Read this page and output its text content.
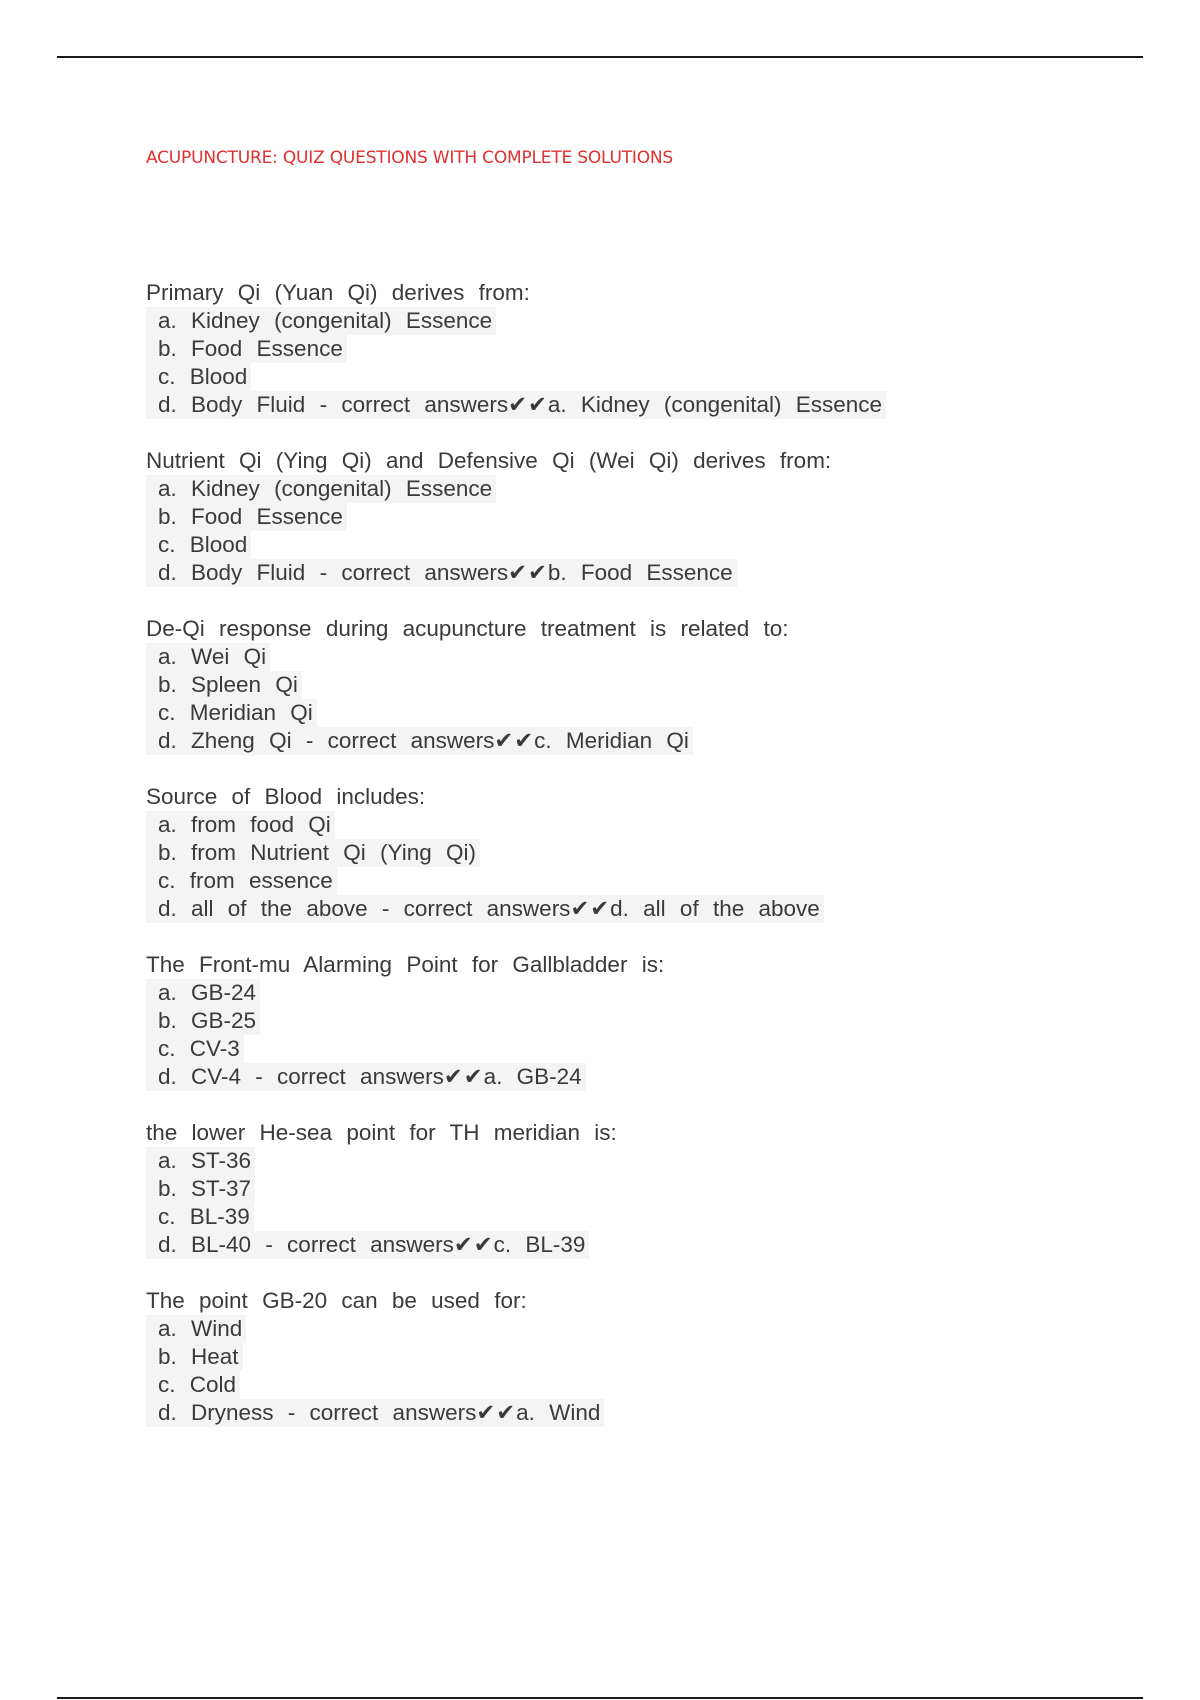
ACUPUNCTURE: QUIZ QUESTIONS WITH COMPLETE SOLUTIONS
Primary Qi (Yuan Qi) derives from:
a. Kidney (congenital) Essence
b. Food Essence
c. Blood
d. Body Fluid - correct answers✔✔a. Kidney (congenital) Essence
Nutrient Qi (Ying Qi) and Defensive Qi (Wei Qi) derives from:
a. Kidney (congenital) Essence
b. Food Essence
c. Blood
d. Body Fluid - correct answers✔✔b. Food Essence
De-Qi response during acupuncture treatment is related to:
a. Wei Qi
b. Spleen Qi
c. Meridian Qi
d. Zheng Qi - correct answers✔✔c. Meridian Qi
Source of Blood includes:
a. from food Qi
b. from Nutrient Qi (Ying Qi)
c. from essence
d. all of the above - correct answers✔✔d. all of the above
The Front-mu Alarming Point for Gallbladder is:
a. GB-24
b. GB-25
c. CV-3
d. CV-4 - correct answers✔✔a. GB-24
the lower He-sea point for TH meridian is:
a. ST-36
b. ST-37
c. BL-39
d. BL-40 - correct answers✔✔c. BL-39
The point GB-20 can be used for:
a. Wind
b. Heat
c. Cold
d. Dryness - correct answers✔✔a. Wind
